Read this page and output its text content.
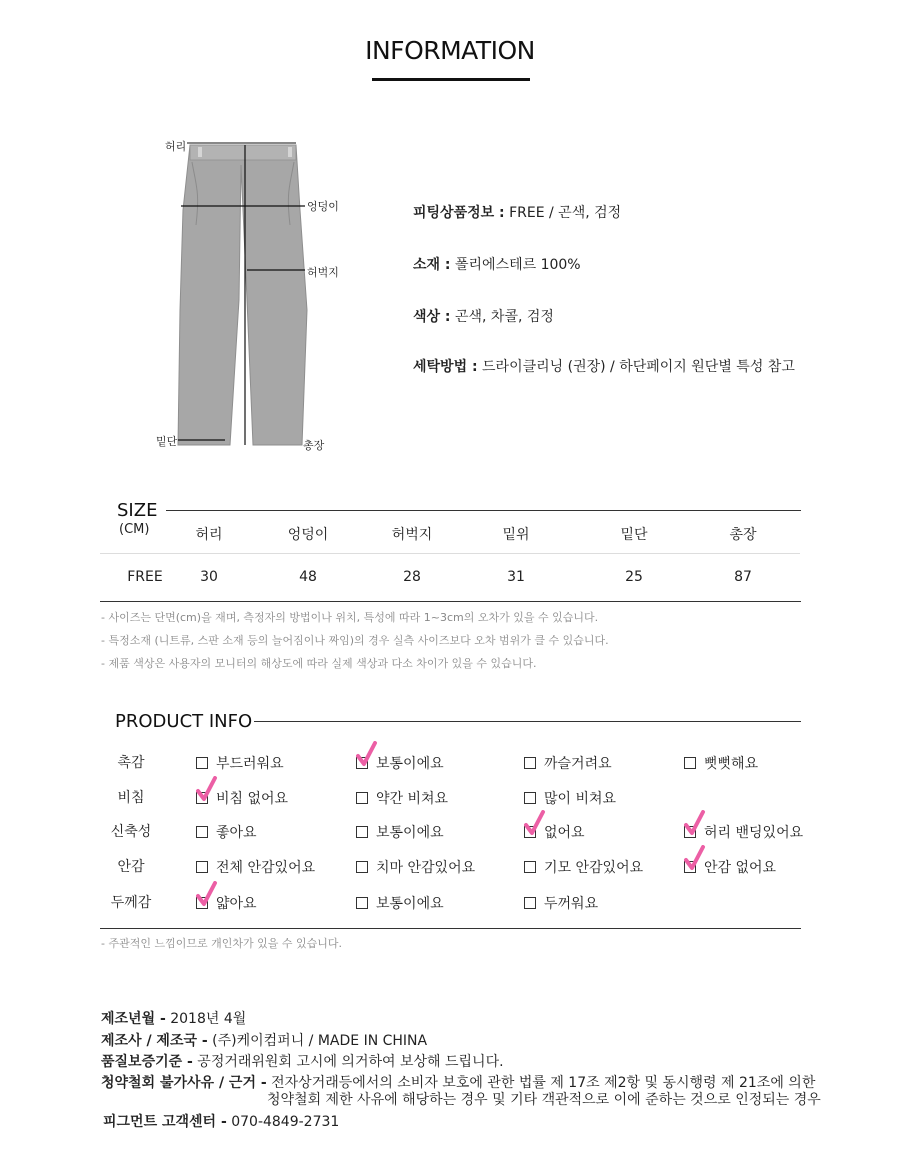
INFORMATION
허리
엉덩이
허벅지
밑단	총장
피팅상품정보 : FREE / 곤색, 검정
소재 : 폴리에스테르 100%
색상 : 곤색, 차콜, 검정
세탁방법 : 드라이클리닝 (권장) / 하단페이지 원단별 특성 참고
SIZE
(CM)	허리	엉덩이	허벅지	밑위	밑단	총장
FREE	30	48	28	31	25	87
- 사이즈는 단면(cm)을 재며, 측정자의 방법이나 위치, 특성에 따라 1~3cm의 오차가 있을 수 있습니다.
- 특정소재 (니트류, 스판 소재 등의 늘어짐이나 짜임)의 경우 실측 사이즈보다 오차 범위가 클 수 있습니다.
- 제품 색상은 사용자의 모니터의 해상도에 따라 실제 색상과 다소 차이가 있을 수 있습니다.
PRODUCT INFO
촉감	부드러워요	보통이에요	까슬거려요	뻣뻣해요
비침	비침 없어요	약간 비쳐요	많이 비쳐요
신축성	좋아요	보통이에요	없어요	허리 밴딩있어요
안감	전체 안감있어요	치마 안감있어요	기모 안감있어요	안감 없어요
두께감	얇아요	보통이에요	두꺼워요
- 주관적인 느낌이므로 개인차가 있을 수 있습니다.
제조년월 - 2018년 4월
제조사 / 제조국 - (주)케이컴퍼니 / MADE IN CHINA
품질보증기준 - 공정거래위원회 고시에 의거하여 보상해 드립니다.
청약철회 불가사유 / 근거 - 전자상거래등에서의 소비자 보호에 관한 법률 제 17조 제2항 및 동시행령 제 21조에 의한
청약철회 제한 사유에 해당하는 경우 및 기타 객관적으로 이에 준하는 것으로 인정되는 경우
피그먼트 고객센터 - 070-4849-2731
